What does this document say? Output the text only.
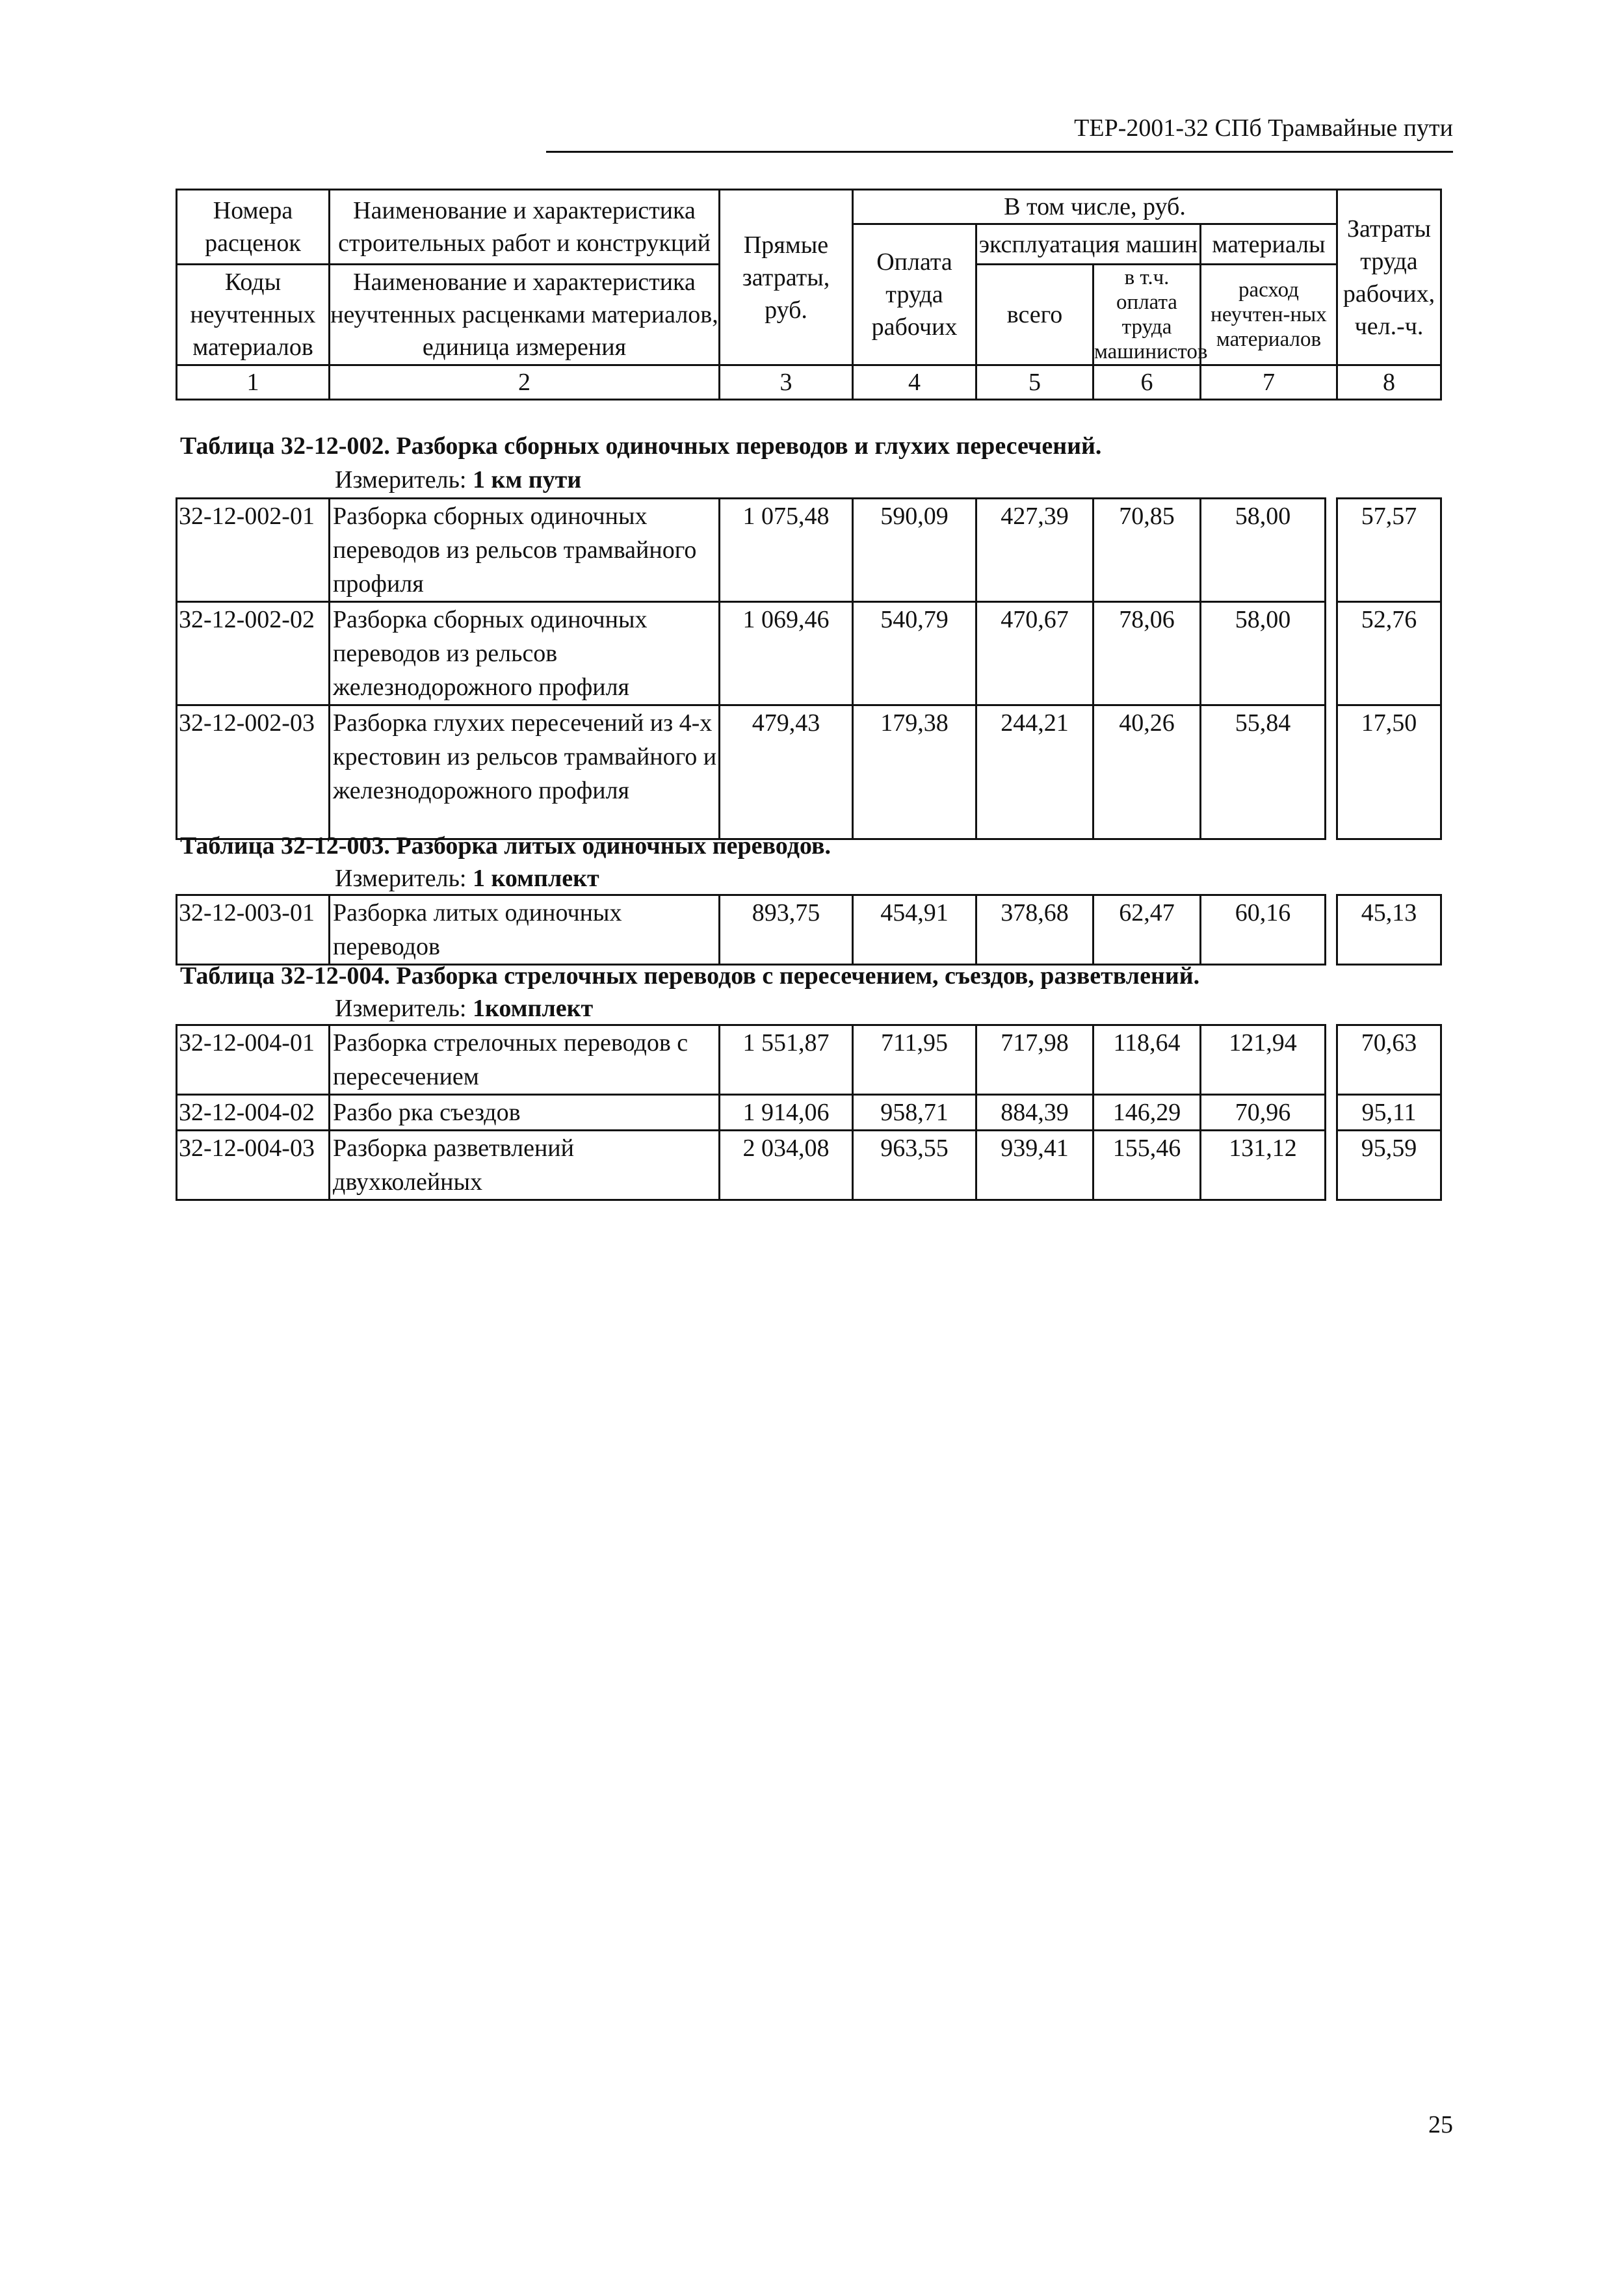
ТЕР-2001-32 СПб Трамвайные пути
Номера расценок	Наименование и характеристика строительных работ и конструкций	Прямые затраты, руб.	В том числе, руб.				Затраты труда рабочих, чел.-ч.
			Оплата труда рабочих	эксплуатация машин		материалы	
Коды неучтенных материалов	Наименование и характеристика неучтенных расценками материалов, единица измерения			всего	в т.ч. оплата труда машинистов	расход неучтен-ных материалов	

1	2	3	4	5	6	7	8
Таблица 32-12-002. Разборка сборных одиночных переводов и глухих пересечений.
Измеритель: 1 км пути
32-12-002-01	Разборка сборных одиночных переводов из рельсов трамвайного профиля	1 075,48	590,09	427,39	70,85	58,00		57,57
32-12-002-02	Разборка сборных одиночных переводов из рельсов железнодорожного профиля	1 069,46	540,79	470,67	78,06	58,00		52,76
32-12-002-03	Разборка глухих пересечений из 4-х крестовин из рельсов трамвайного и железнодорожного профиля	479,43	179,38	244,21	40,26	55,84		17,50
Таблица 32-12-003. Разборка литых одиночных переводов.
Измеритель: 1 комплект
32-12-003-01	Разборка литых одиночных переводов	893,75	454,91	378,68	62,47	60,16		45,13
Таблица 32-12-004. Разборка стрелочных переводов с пересечением, съездов, разветвлений.
Измеритель: 1комплект
32-12-004-01	Разборка стрелочных переводов с пересечением	1 551,87	711,95	717,98	118,64	121,94		70,63
32-12-004-02	Разбо рка съездов	1 914,06	958,71	884,39	146,29	70,96		95,11
32-12-004-03	Разборка разветвлений двухколейных	2 034,08	963,55	939,41	155,46	131,12		95,59
25
